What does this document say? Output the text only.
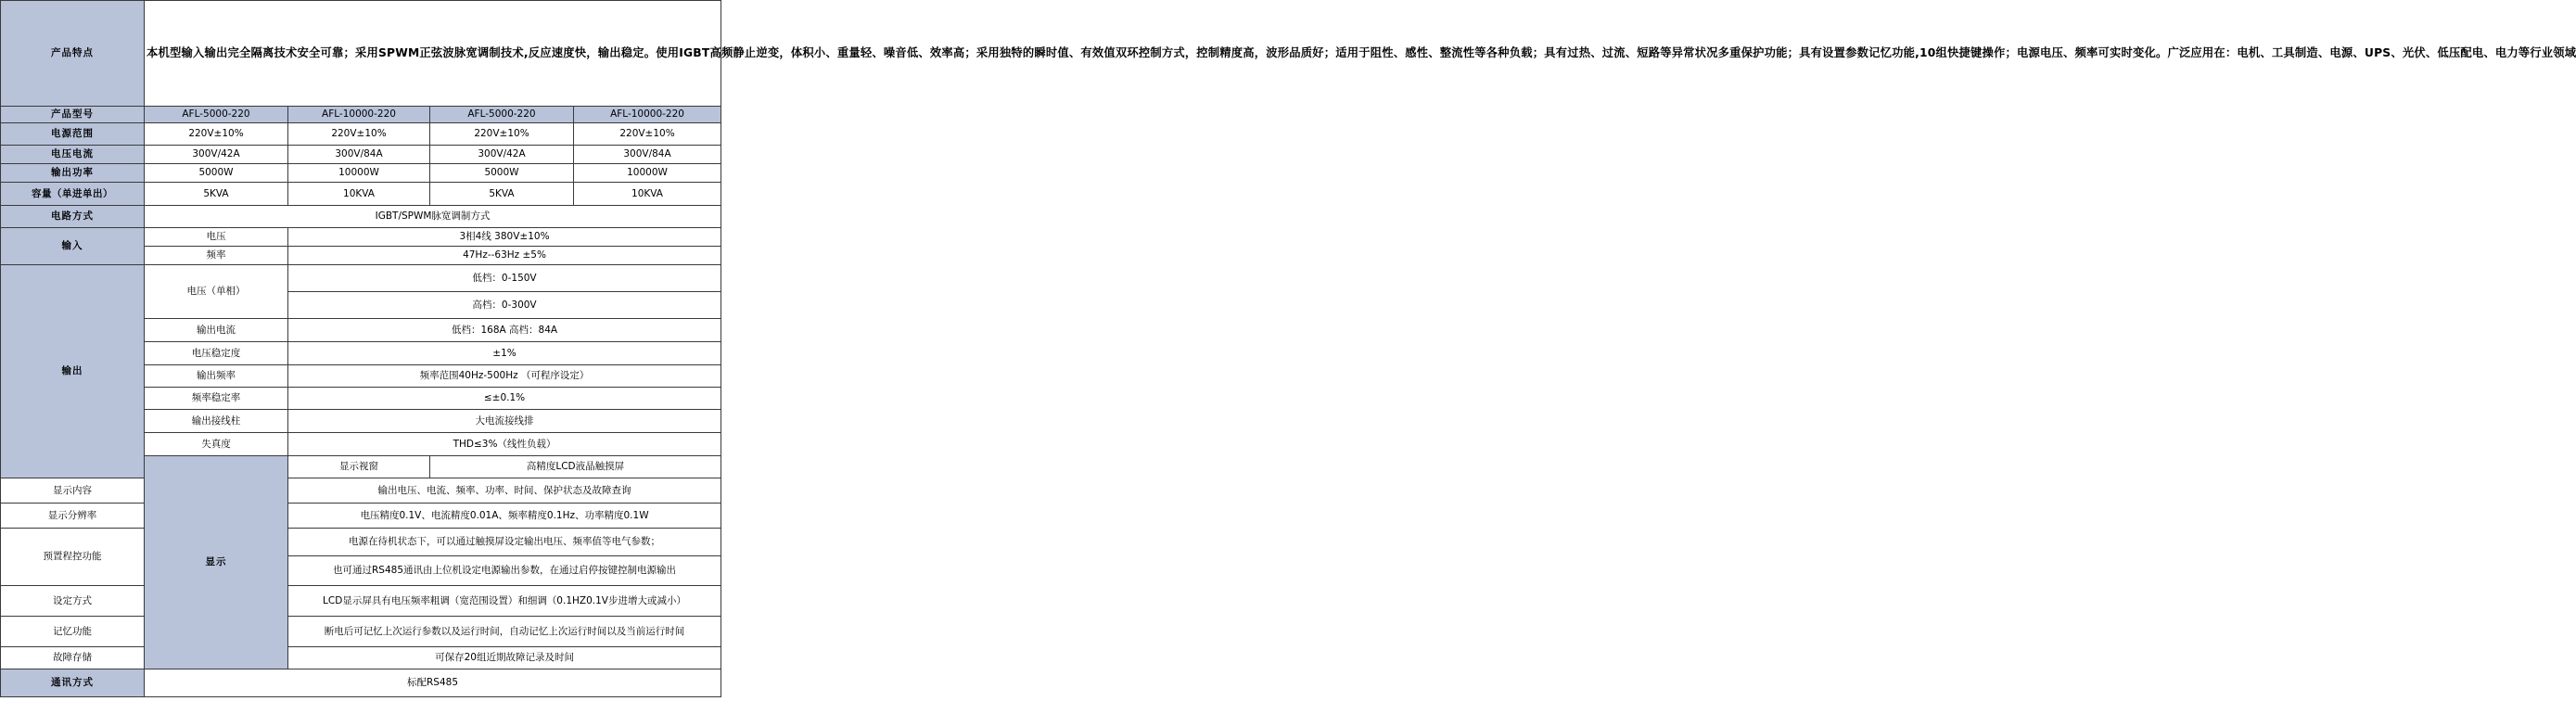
产品特点	本机型输入输出完全隔离技术安全可靠；采用SPWM正弦波脉宽调制技术,反应速度快，输出稳定。使用IGBT高频静止逆变，体积小、重量轻、噪音低、效率高；采用独特的瞬时值、有效值双环控制方式，控制精度高，波形品质好；适用于阻性、感性、整流性等各种负载；具有过热、过流、短路等异常状况多重保护功能；具有设置参数记忆功能,10组快捷键操作；电源电压、频率可实时变化。广泛应用在：电机、工具制造、电源、UPS、光伏、低压配电、电力等行业领域			
产品型号	AFL-5000-220	AFL-10000-220	AFL-5000-220	AFL-10000-220
电源范围	220V±10%	220V±10%	220V±10%	220V±10%
电压电流	300V/42A	300V/84A	300V/42A	300V/84A
输出功率	5000W	10000W	5000W	10000W
容量（单进单出）	5KVA	10KVA	5KVA	10KVA
电路方式	IGBT/SPWM脉宽调制方式			
输入	电压	3相4线 380V±10%		
	频率	47Hz--63Hz ±5%		
输出	电压（单相）	低档：0-150V		
		高档：0-300V		
	输出电流	低档：168A 高档：84A		
	电压稳定度	±1%		
	输出频率	频率范围40Hz-500Hz （可程序设定）		
	频率稳定率	≤±0.1%		
	输出接线柱	大电流接线排		
	失真度	THD≤3%（线性负载）		
	显示	显示视窗	高精度LCD液晶触摸屏	
显示内容		输出电压、电流、频率、功率、时间、保护状态及故障查询		
显示分辨率		电压精度0.1V、电流精度0.01A、频率精度0.1Hz、功率精度0.1W		
预置程控功能		电源在待机状态下，可以通过触摸屏设定输出电压、频率值等电气参数；		
		也可通过RS485通讯由上位机设定电源输出参数，在通过启停按键控制电源输出		
设定方式		LCD显示屏具有电压频率粗调（宽范围设置）和细调（0.1HZ0.1V步进增大或减小）		
记忆功能		断电后可记忆上次运行参数以及运行时间，自动记忆上次运行时间以及当前运行时间		
故障存储		可保存20组近期故障记录及时间		
通讯方式	标配RS485			
